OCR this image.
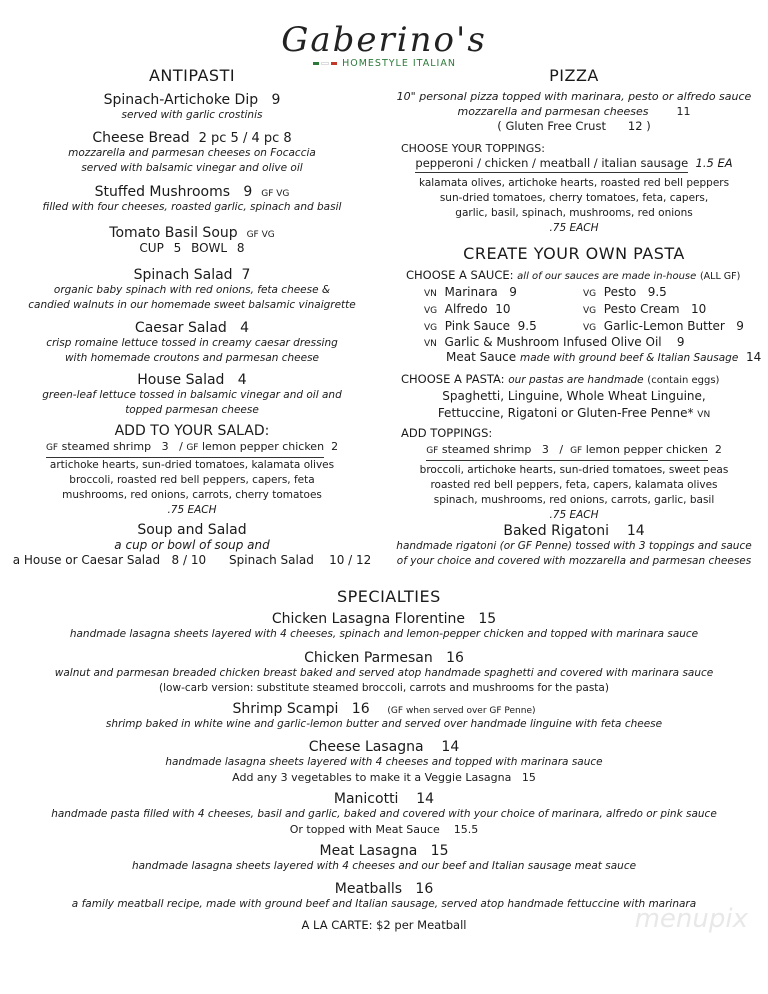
Gaberino's
HOMESTYLE ITALIAN
ANTIPASTI
Spinach-Artichoke Dip 9
served with garlic crostinis
Cheese Bread 2 pc 5 / 4 pc 8
mozzarella and parmesan cheeses on Focaccia
served with balsamic vinegar and olive oil
Stuffed Mushrooms 9 GF VG
filled with four cheeses, roasted garlic, spinach and basil
Tomato Basil Soup GF VG
CUP 5 BOWL 8
Spinach Salad 7
organic baby spinach with red onions, feta cheese &
candied walnuts in our homemade sweet balsamic vinaigrette
Caesar Salad 4
crisp romaine lettuce tossed in creamy caesar dressing
with homemade croutons and parmesan cheese
House Salad 4
green-leaf lettuce tossed in balsamic vinegar and oil and
topped parmesan cheese
ADD TO YOUR SALAD:
GF steamed shrimp 3 / GF lemon pepper chicken 2
artichoke hearts, sun-dried tomatoes, kalamata olives
broccoli, roasted red bell peppers, capers, feta
mushrooms, red onions, carrots, cherry tomatoes
.75 EACH
Soup and Salad
a cup or bowl of soup and
a House or Caesar Salad   8 / 10      Spinach Salad    10 / 12
PIZZA
10" personal pizza topped with marinara, pesto or alfredo sauce
mozzarella and parmesan cheeses	11
( Gluten Free Crust      12 )
CHOOSE YOUR TOPPINGS:
pepperoni / chicken / meatball / italian sausage 1.5 EA
kalamata olives, artichoke hearts, roasted red bell peppers
sun-dried tomatoes, cherry tomatoes, feta, capers,
garlic, basil, spinach, mushrooms, red onions
.75 EACH
CREATE YOUR OWN PASTA
CHOOSE A SAUCE: all of our sauces are made in-house (ALL GF)
VN Marinara 9	VG Pesto 9.5
VG Alfredo 10	VG Pesto Cream 10
VG Pink Sauce 9.5	VG Garlic-Lemon Butter 9
VN Garlic & Mushroom Infused Olive Oil 9
Meat Sauce made with ground beef & Italian Sausage 14
CHOOSE A PASTA: our pastas are handmade (contain eggs)
Spaghetti, Linguine, Whole Wheat Linguine,
Fettuccine, Rigatoni or Gluten-Free Penne* VN
ADD TOPPINGS:
GF steamed shrimp 3 / GF lemon pepper chicken 2
broccoli, artichoke hearts, sun-dried tomatoes, sweet peas
roasted red bell peppers, feta, capers, kalamata olives
spinach, mushrooms, red onions, carrots, garlic, basil
.75 EACH
Baked Rigatoni 14
handmade rigatoni (or GF Penne) tossed with 3 toppings and sauce
of your choice and covered with mozzarella and parmesan cheeses
SPECIALTIES
Chicken Lasagna Florentine 15
handmade lasagna sheets layered with 4 cheeses, spinach and lemon-pepper chicken and topped with marinara sauce
Chicken Parmesan 16
walnut and parmesan breaded chicken breast baked and served atop handmade spaghetti and covered with marinara sauce
(low-carb version: substitute steamed broccoli, carrots and mushrooms for the pasta)
Shrimp Scampi 16 (GF when served over GF Penne)
shrimp baked in white wine and garlic-lemon butter and served over handmade linguine with feta cheese
Cheese Lasagna 14
handmade lasagna sheets layered with 4 cheeses and topped with marinara sauce
Add any 3 vegetables to make it a Veggie Lasagna   15
Manicotti 14
handmade pasta filled with 4 cheeses, basil and garlic, baked and covered with your choice of marinara, alfredo or pink sauce
Or topped with Meat Sauce    15.5
Meat Lasagna 15
handmade lasagna sheets layered with 4 cheeses and our beef and Italian sausage meat sauce
Meatballs 16
a family meatball recipe, made with ground beef and Italian sausage, served atop handmade fettuccine with marinara
A LA CARTE: $2 per Meatball	menupix
